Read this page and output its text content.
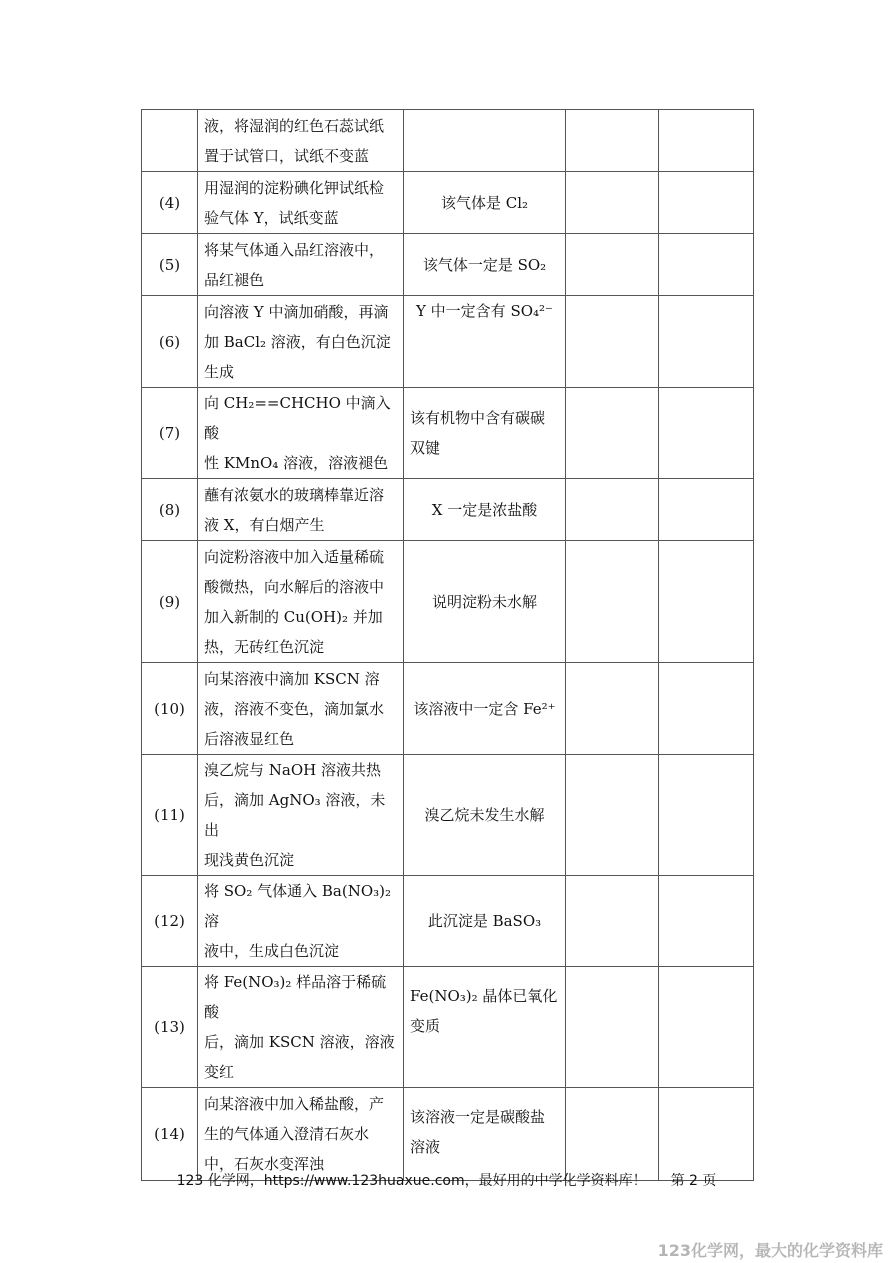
	液，将湿润的红色石蕊试纸
置于试管口，试纸不变蓝			

(4)	用湿润的淀粉碘化钾试纸检
验气体 Y，试纸变蓝	该气体是 Cl₂		
(5)	将某气体通入品红溶液中，
品红褪色	该气体一定是 SO₂		
(6)	向溶液 Y 中滴加硝酸，再滴
加 BaCl₂ 溶液，有白色沉淀
生成	Y 中一定含有 SO₄²⁻		
(7)	向 CH₂==CHCHO 中滴入酸
性 KMnO₄ 溶液，溶液褪色	该有机物中含有碳碳双键		
(8)	蘸有浓氨水的玻璃棒靠近溶
液 X，有白烟产生	X 一定是浓盐酸		
(9)	向淀粉溶液中加入适量稀硫
酸微热，向水解后的溶液中
加入新制的 Cu(OH)₂ 并加
热，无砖红色沉淀	说明淀粉未水解		
(10)	向某溶液中滴加 KSCN 溶
液，溶液不变色，滴加氯水
后溶液显红色	该溶液中一定含 Fe²⁺		
(11)	溴乙烷与 NaOH 溶液共热
后，滴加 AgNO₃ 溶液，未出
现浅黄色沉淀	溴乙烷未发生水解		
(12)	将 SO₂ 气体通入 Ba(NO₃)₂ 溶
液中，生成白色沉淀	此沉淀是 BaSO₃		
(13)	将 Fe(NO₃)₂ 样品溶于稀硫酸
后，滴加 KSCN 溶液，溶液
变红	Fe(NO₃)₂ 晶体已氧化变质		
(14)	向某溶液中加入稀盐酸，产
生的气体通入澄清石灰水
中，石灰水变浑浊	该溶液一定是碳酸盐溶液		
123 化学网，https://www.123huaxue.com，最好用的中学化学资料库！ 第 2 页
123化学网，最大的化学资料库
